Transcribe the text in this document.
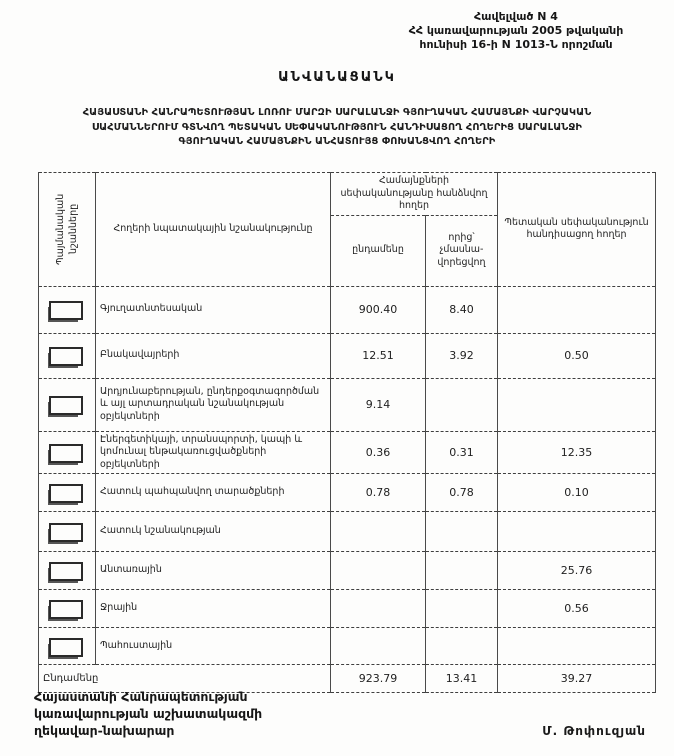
Հավելված N 4
ՀՀ կառավարության 2005 թվականի
հունիսի 16-ի N 1013-Ն որոշման
ԱՆՎԱՆԱՑԱՆԿ
ՀԱՅԱՍՏԱՆԻ ՀԱՆՐԱՊԵՏՈՒԹՅԱՆ ԼՈՌՈՒ ՄԱՐԶԻ ՍԱՐԱԼԱՆՋԻ ԳՅՈՒՂԱԿԱՆ ՀԱՄԱՅՆՔԻ ՎԱՐՉԱԿԱՆ
ՍԱՀՄԱՆՆԵՐՈՒՄ ԳՏՆՎՈՂ ՊԵՏԱԿԱՆ ՍԵՓԱԿԱՆՈՒԹՅՈՒՆ ՀԱՆԴԻՍԱՑՈՂ ՀՈՂԵՐԻՑ ՍԱՐԱԼԱՆՋԻ
ԳՅՈՒՂԱԿԱՆ ՀԱՄԱՅՆՔԻՆ ԱՆՀԱՏՈՒՅՑ ՓՈԽԱՆՑՎՈՂ ՀՈՂԵՐԻ
Պայմանական նշանները	Հողերի նպատակային նշանակությունը	Համայնքների սեփականությանը հանձնվող հողեր		Պետական սեփականություն հանդիսացող հողեր
		ընդամենը	որից՝ չմասնա-վորեցվող	

	Գյուղատնտեսական	900.40	8.40	

	Բնակավայրերի	12.51	3.92	0.50

	Արդյունաբերության, ընդերքօգտագործման և այլ արտադրական նշանակության օբյեկտների	9.14		

	Էներգետիկայի, տրանսպորտի, կապի և կոմունալ ենթակառուցվածքների օբյեկտների	0.36	0.31	12.35

	Հատուկ պահպանվող տարածքների	0.78	0.78	0.10

	Հատուկ նշանակության			

	Անտառային			25.76

	Ջրային			0.56

	Պահուստային			
Ընդամենը		923.79	13.41	39.27
Հայաստանի Հանրապետության
կառավարության աշխատակազմի
ղեկավար-նախարար	Մ. Թոփուզյան
